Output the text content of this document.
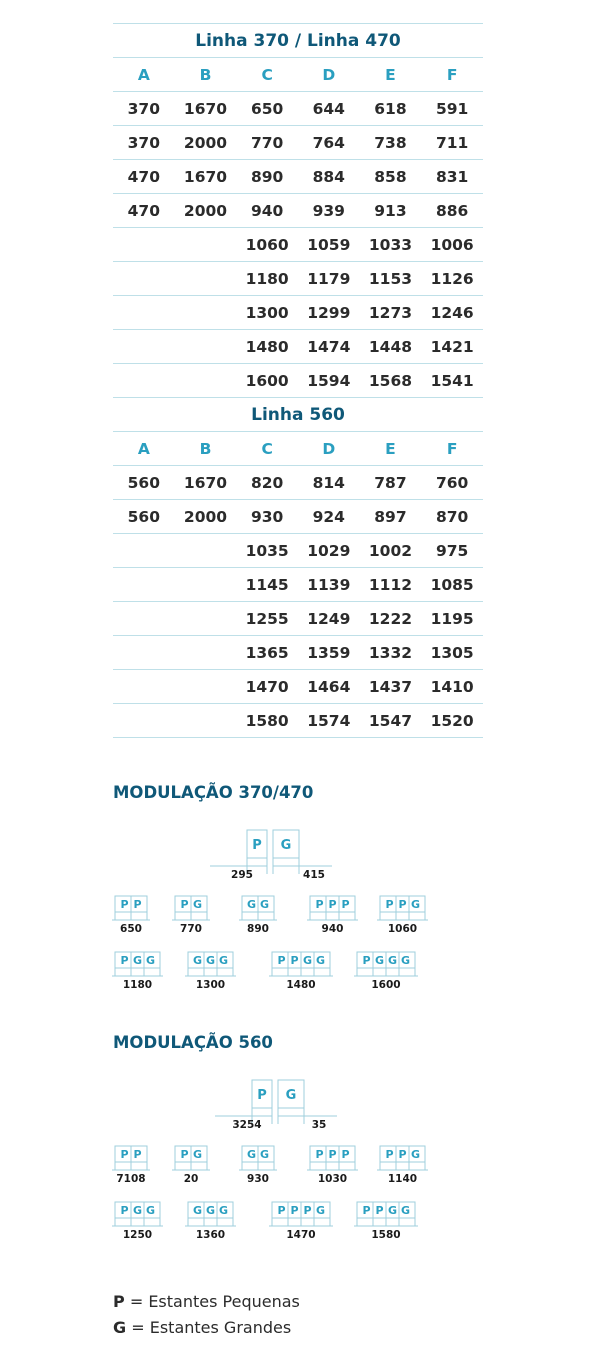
Linha 370 / Linha 470					
A	B	C	D	E	F
370	1670	650	644	618	591
370	2000	770	764	738	711
470	1670	890	884	858	831
470	2000	940	939	913	886
		1060	1059	1033	1006
		1180	1179	1153	1126
		1300	1299	1273	1246
		1480	1474	1448	1421
		1600	1594	1568	1541
Linha 560					
A	B	C	D	E	F
560	1670	820	814	787	760
560	2000	930	924	897	870
		1035	1029	1002	975
		1145	1139	1112	1085
		1255	1249	1222	1195
		1365	1359	1332	1305
		1470	1464	1437	1410
		1580	1574	1547	1520
MODULAÇÃO 370/470
P G
295	415
P P
650
P G
770
G G
890
P P P
940
P P G
1060
P G G
1180
G G G
1300
P P G G
1480
P G G G
1600
MODULAÇÃO 560
P G
3254	35
P P
7108
P G
20
G G
930
P P P
1030
P P G
1140
P G G
1250
G G G
1360
P P P G
1470
P P G G
1580
P = Estantes Pequenas
G = Estantes Grandes
